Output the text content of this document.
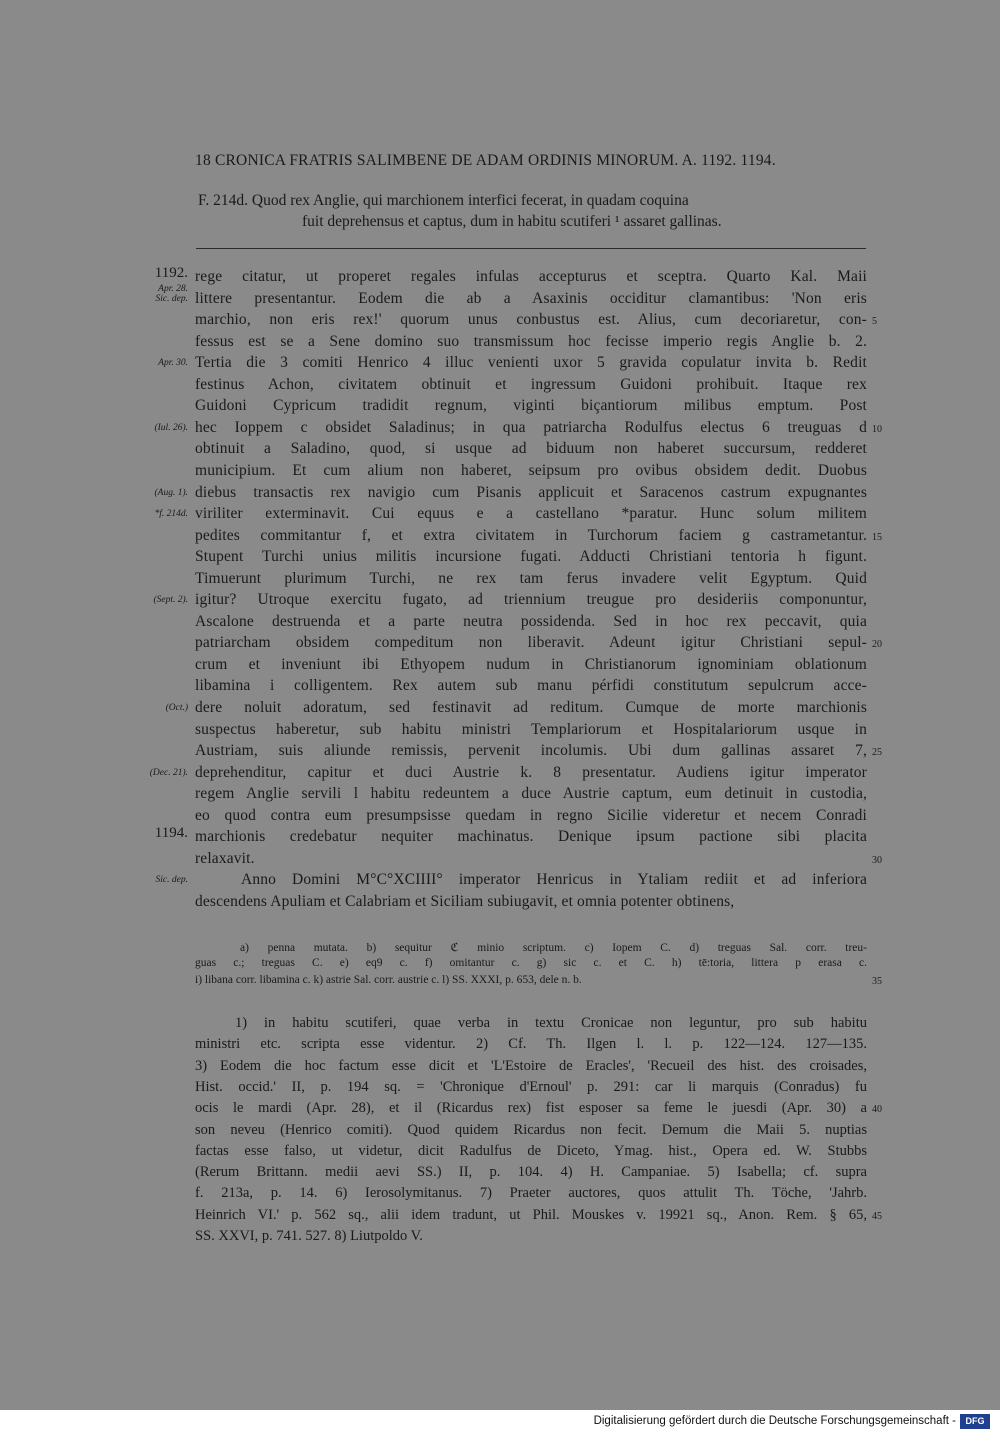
18 CRONICA FRATRIS SALIMBENE DE ADAM ORDINIS MINORUM. A. 1192. 1194.
F. 214d. Quod rex Anglie, qui marchionem interfici fecerat, in quadam coquina
fuit deprehensus et captus, dum in habitu scutiferi ¹ assaret gallinas.
rege citatur, ut properet regales infulas accepturus et sceptra. Quarto Kal. Maii
littere presentantur. Eodem die ab a Asaxinis occiditur clamantibus: 'Non eris
marchio, non eris rex!' quorum unus conbustus est. Alius, cum decoriaretur, con-
fessus est se a Sene domino suo transmissum hoc fecisse imperio regis Anglie b. 2.
Tertia die 3 comiti Henrico 4 illuc venienti uxor 5 gravida copulatur invita b. Redit
festinus Achon, civitatem obtinuit et ingressum Guidoni prohibuit. Itaque rex
Guidoni Cypricum tradidit regnum, viginti biçantiorum milibus emptum. Post
hec Ioppem c obsidet Saladinus; in qua patriarcha Rodulfus electus 6 treuguas d
obtinuit a Saladino, quod, si usque ad biduum non haberet succursum, redderet
municipium. Et cum alium non haberet, seipsum pro ovibus obsidem dedit. Duobus
diebus transactis rex navigio cum Pisanis applicuit et Saracenos castrum expugnantes
viriliter exterminavit. Cui equus e a castellano *paratur. Hunc solum militem
pedites commitantur f, et extra civitatem in Turchorum faciem g castrametantur.
Stupent Turchi unius militis incursione fugati. Adducti Christiani tentoria h figunt.
Timuerunt plurimum Turchi, ne rex tam ferus invadere velit Egyptum. Quid
igitur? Utroque exercitu fugato, ad triennium treugue pro desideriis componuntur,
Ascalone destruenda et a parte neutra possidenda. Sed in hoc rex peccavit, quia
patriarcham obsidem compeditum non liberavit. Adeunt igitur Christiani sepul-
crum et inveniunt ibi Ethyopem nudum in Christianorum ignominiam oblationum
libamina i colligentem. Rex autem sub manu pérfidi constitutum sepulcrum acce-
dere noluit adoratum, sed festinavit ad reditum. Cumque de morte marchionis
suspectus haberetur, sub habitu ministri Templariorum et Hospitalariorum usque in
Austriam, suis aliunde remissis, pervenit incolumis. Ubi dum gallinas assaret 7,
deprehenditur, capitur et duci Austrie k. 8 presentatur. Audiens igitur imperator
regem Anglie servili l habitu redeuntem a duce Austrie captum, eum detinuit in custodia,
eo quod contra eum presumpsisse quedam in regno Sicilie videretur et necem Conradi
marchionis credebatur nequiter machinatus. Denique ipsum pactione sibi placita
relaxavit.
Anno Domini M°C°XCIIII° imperator Henricus in Ytaliam rediit et ad inferiora
descendens Apuliam et Calabriam et Siciliam subiugavit, et omnia potenter obtinens,
1192.
Apr. 28.
Sic. dep.
Apr. 30.
(Iul. 26).
(Aug. 1).
*f. 214d.
(Sept. 2).
(Oct.)
(Dec. 21).
1194.
Sic. dep.
5
10
15
20
25
30
a) penna mutata. b) sequitur ℭ minio scriptum. c) Iopem C. d) treguas Sal. corr. treu-
guas c.; treguas C. e) eq9 c. f) omitantur c. g) sic c. et C. h) tē:toria, littera p erasa c.
i) libana corr. libamina c. k) astrie Sal. corr. austrie c. l) SS. XXXI, p. 653, dele n. b.	35
1) in habitu scutiferi, quae verba in textu Cronicae non leguntur, pro sub habitu
ministri etc. scripta esse videntur. 2) Cf. Th. Ilgen l. l. p. 122—124. 127—135.
3) Eodem die hoc factum esse dicit et 'L'Estoire de Eracles', 'Recueil des hist. des croisades,
Hist. occid.' II, p. 194 sq. = 'Chronique d'Ernoul' p. 291: car li marquis (Conradus) fu
ocis le mardi (Apr. 28), et il (Ricardus rex) fist esposer sa feme le juesdi (Apr. 30) a
son neveu (Henrico comiti). Quod quidem Ricardus non fecit. Demum die Maii 5. nuptias
factas esse falso, ut videtur, dicit Radulfus de Diceto, Ymag. hist., Opera ed. W. Stubbs
(Rerum Brittann. medii aevi SS.) II, p. 104. 4) H. Campaniae. 5) Isabella; cf. supra
f. 213a, p. 14. 6) Ierosolymitanus. 7) Praeter auctores, quos attulit Th. Töche, 'Jahrb.
Heinrich VI.' p. 562 sq., alii idem tradunt, ut Phil. Mouskes v. 19921 sq., Anon. Rem. § 65,
SS. XXVI, p. 741. 527. 8) Liutpoldo V.
40
45
Digitalisierung gefördert durch die Deutsche Forschungsgemeinschaft -	DFG
